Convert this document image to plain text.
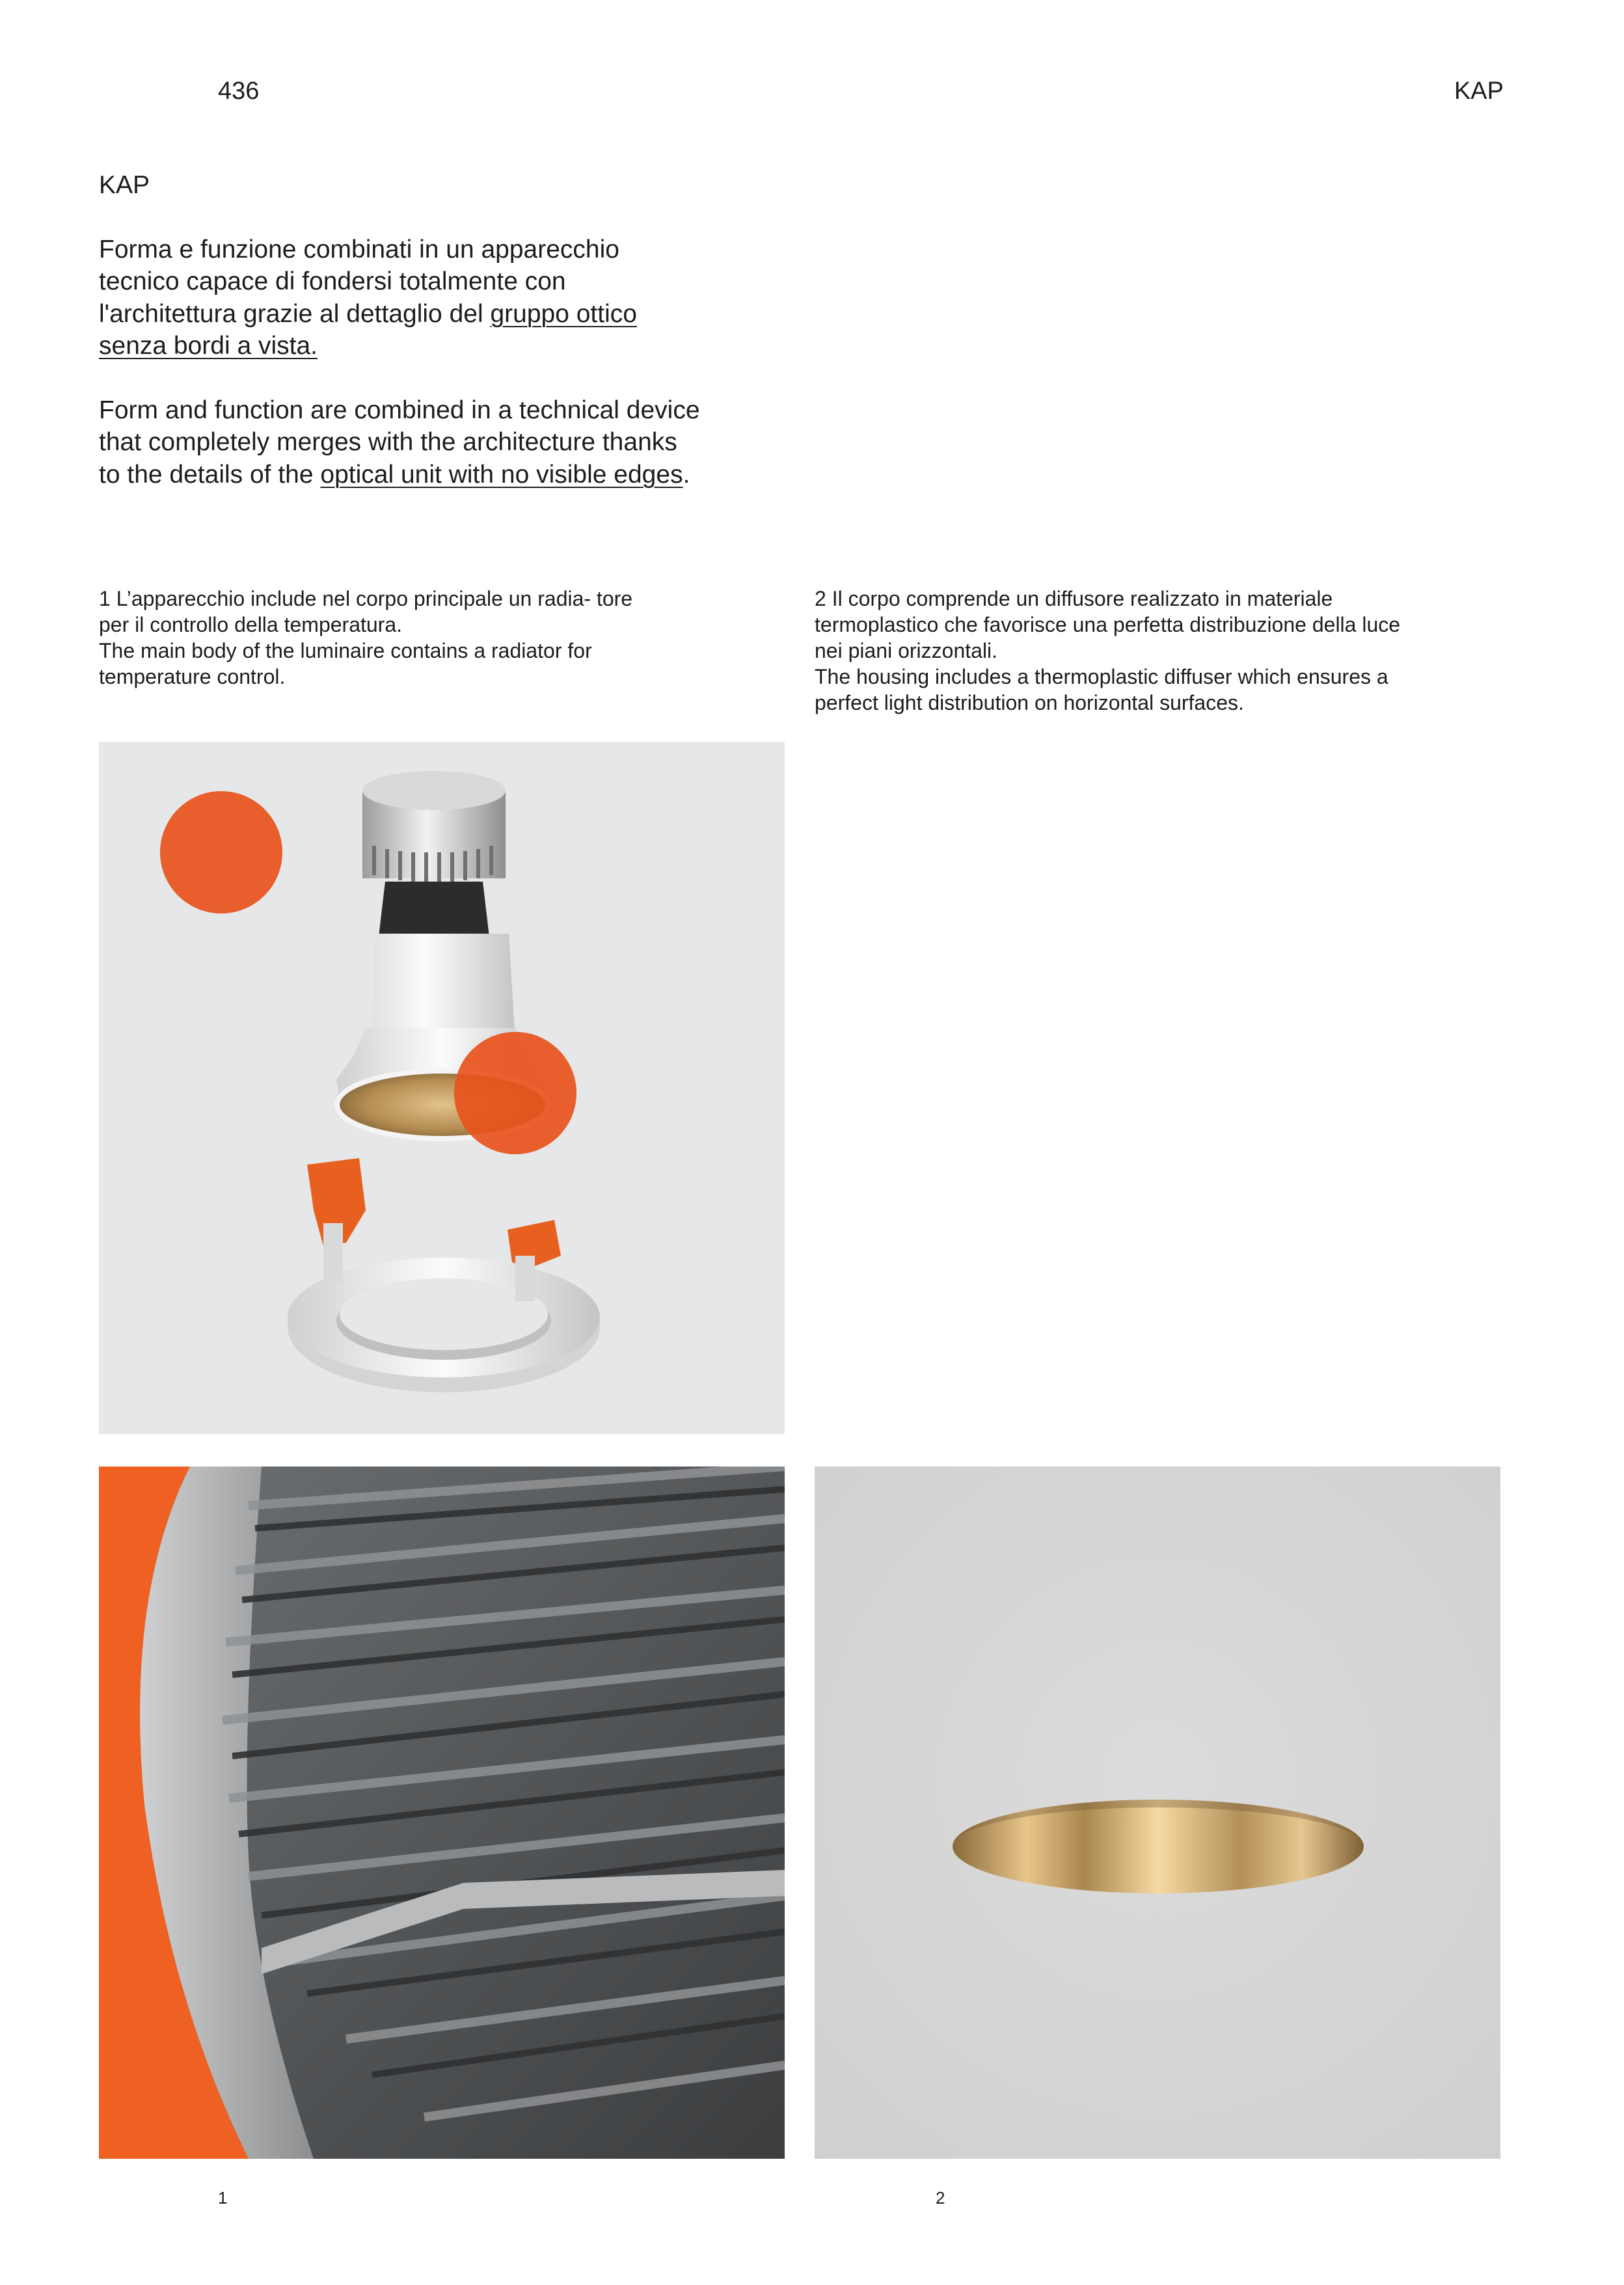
436	KAP

KAP

Forma e funzione combinati in un apparecchio tecnico capace di fondersi totalmente con l'architettura grazie al dettaglio del gruppo ottico senza bordi a vista.

Form and function are combined in a technical device that completely merges with the architecture thanks to the details of the optical unit with no visible edges.

1 L’apparecchio include nel corpo principale un radia- tore per il controllo della temperatura.

The main body of the luminaire contains a radiator for temperature control.

2 Il corpo comprende un diffusore realizzato in materiale termoplastico che favorisce una perfetta distribuzione della luce nei piani orizzontali.

The housing includes a thermoplastic diffuser which ensures a perfect light distribution on horizontal surfaces.

1	2
